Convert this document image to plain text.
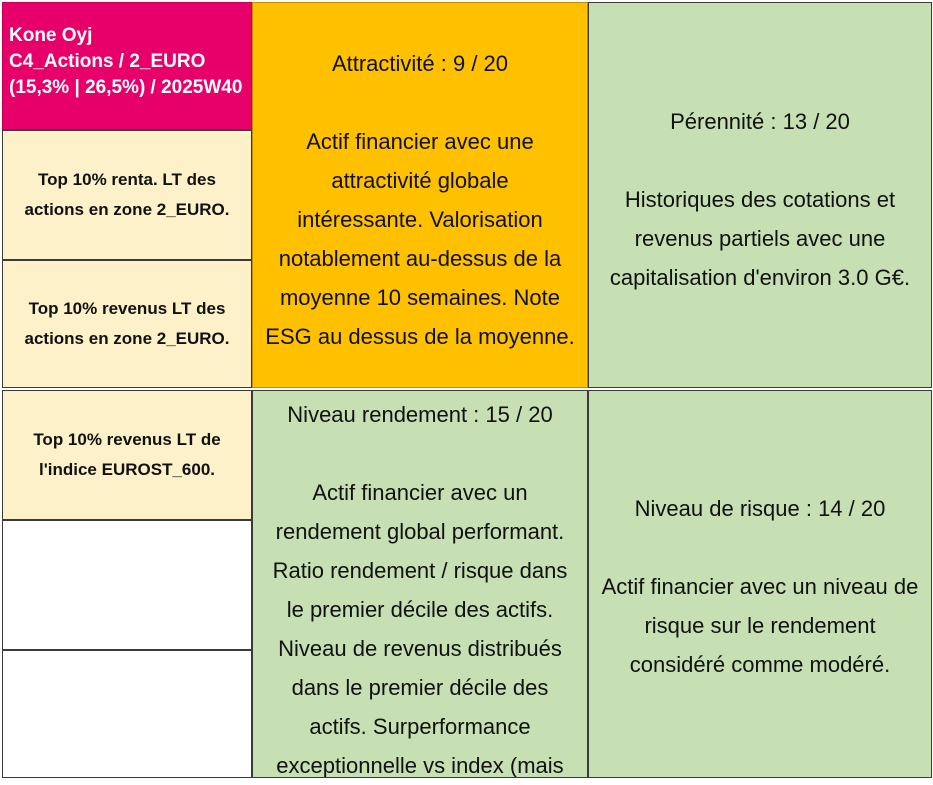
Kone Oyj
C4_Actions / 2_EURO
(15,3% | 26,5%) / 2025W40
Top 10% renta. LT des
actions en zone 2_EURO.
Top 10% revenus LT des
actions en zone 2_EURO.
Top 10% revenus LT de
l'indice EUROST_600.
Attractivité : 9 / 20
Actif financier avec une
attractivité globale
intéressante. Valorisation
notablement au-dessus de la
moyenne 10 semaines. Note
ESG au dessus de la moyenne.
Niveau rendement : 15 / 20
Actif financier avec un
rendement global performant.
Ratio rendement / risque dans
le premier décile des actifs.
Niveau de revenus distribués
dans le premier décile des
actifs. Surperformance
exceptionnelle vs index (mais
Pérennité : 13 / 20
Historiques des cotations et
revenus partiels avec une
capitalisation d'environ 3.0 G€.
Niveau de risque : 14 / 20
Actif financier avec un niveau de
risque sur le rendement
considéré comme modéré.
